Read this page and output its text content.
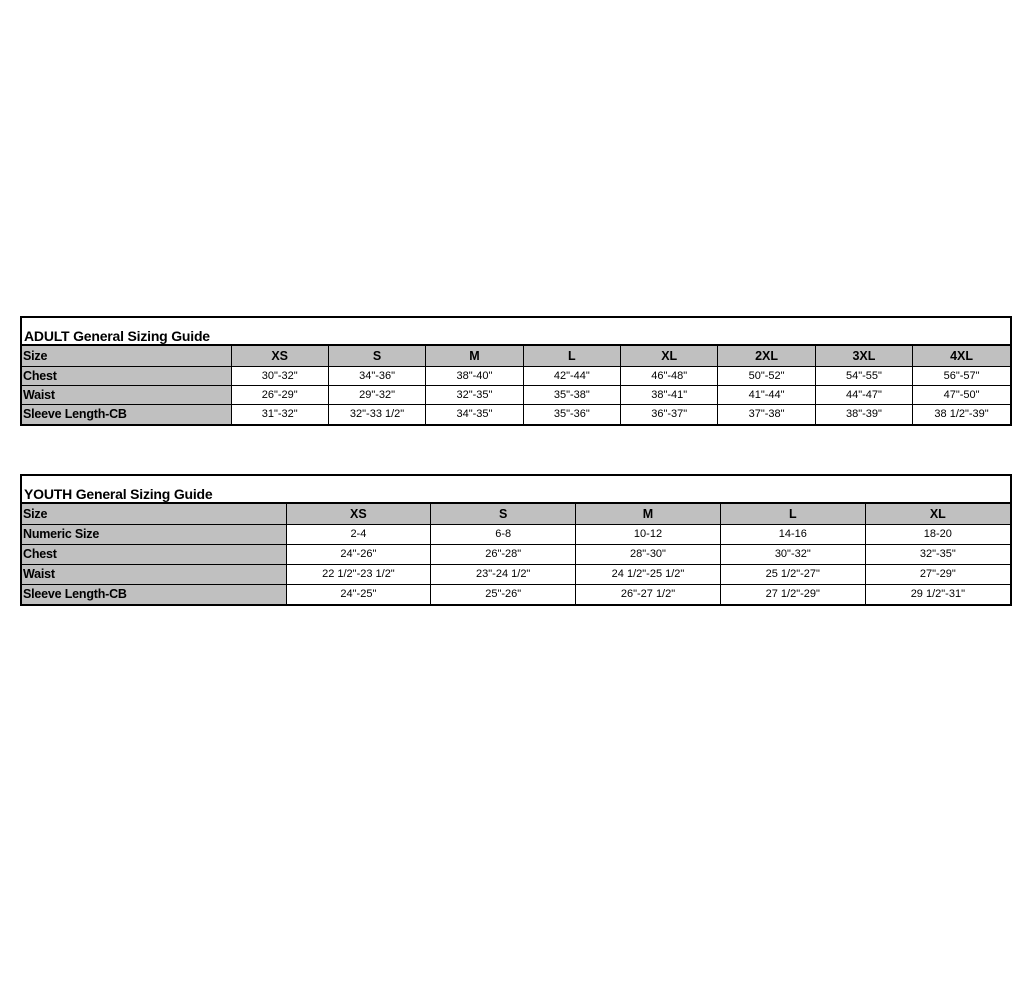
ADULT General Sizing Guide
Size	XS	S	M	L	XL	2XL	3XL	4XL
Chest	30"-32"	34"-36"	38"-40"	42"-44"	46"-48"	50"-52"	54"-55"	56"-57"
Waist	26"-29"	29"-32"	32"-35"	35"-38"	38"-41"	41"-44"	44"-47"	47"-50"
Sleeve Length-CB	31"-32"	32"-33 1/2"	34"-35"	35"-36"	36"-37"	37"-38"	38"-39"	38 1/2"-39"
YOUTH General Sizing Guide
Size	XS	S	M	L	XL
Numeric Size	2-4	6-8	10-12	14-16	18-20
Chest	24"-26"	26"-28"	28"-30"	30"-32"	32"-35"
Waist	22 1/2"-23 1/2"	23"-24 1/2"	24 1/2"-25 1/2"	25 1/2"-27"	27"-29"
Sleeve Length-CB	24"-25"	25"-26"	26"-27 1/2"	27 1/2"-29"	29 1/2"-31"
